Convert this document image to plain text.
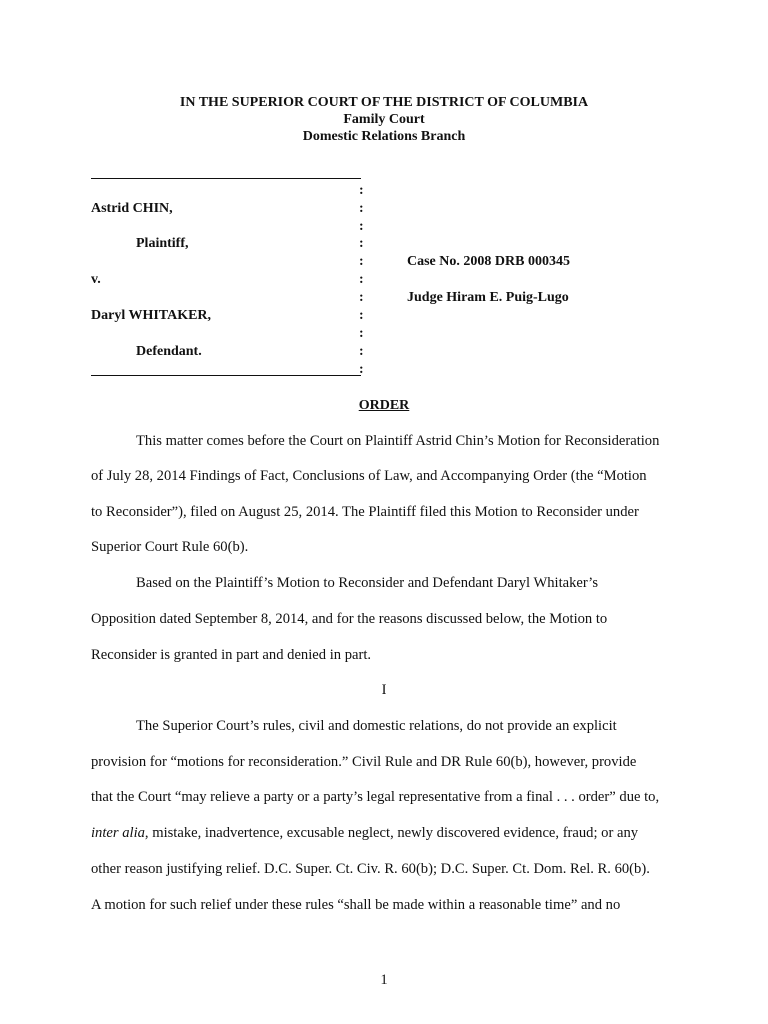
IN THE SUPERIOR COURT OF THE DISTRICT OF COLUMBIA
Family Court
Domestic Relations Branch
:
:
:
:
:
:
:
:
:
:
:
Astrid CHIN,
Plaintiff,
v.
Daryl WHITAKER,
Defendant.
Case No. 2008 DRB 000345
Judge Hiram E. Puig-Lugo
ORDER
This matter comes before the Court on Plaintiff Astrid Chin’s Motion for Reconsideration
of July 28, 2014 Findings of Fact, Conclusions of Law, and Accompanying Order (the “Motion
to Reconsider”), filed on August 25, 2014. The Plaintiff filed this Motion to Reconsider under
Superior Court Rule 60(b).
Based on the Plaintiff’s Motion to Reconsider and Defendant Daryl Whitaker’s
Opposition dated September 8, 2014, and for the reasons discussed below, the Motion to
Reconsider is granted in part and denied in part.
I
The Superior Court’s rules, civil and domestic relations, do not provide an explicit
provision for “motions for reconsideration.” Civil Rule and DR Rule 60(b), however, provide
that the Court “may relieve a party or a party’s legal representative from a final . . . order” due to,
inter alia, mistake, inadvertence, excusable neglect, newly discovered evidence, fraud; or any
other reason justifying relief. D.C. Super. Ct. Civ. R. 60(b); D.C. Super. Ct. Dom. Rel. R. 60(b).
A motion for such relief under these rules “shall be made within a reasonable time” and no
1
